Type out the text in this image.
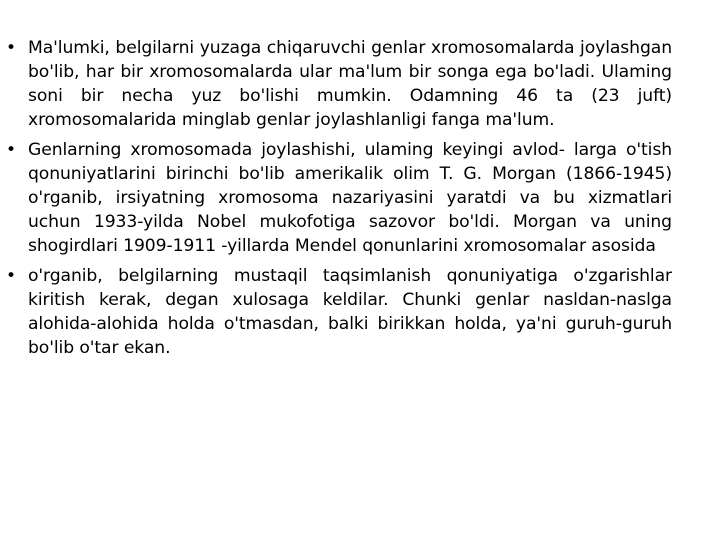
• Ma'lumki, belgilarni yuzaga chiqaruvchi genlar xromosomalarda joylashgan bo'lib, har bir xromosomalarda ular ma'lum bir songa ega bo'ladi. Ulaming soni bir necha yuz bo'lishi mumkin. Odamning 46 ta (23 juft) xromosomalarida minglab genlar joylashlanligi fanga ma'lum.
• Genlarning xromosomada joylashishi, ulaming keyingi avlod- larga o'tish qonuniyatlarini birinchi bo'lib amerikalik olim T. G. Morgan (1866-1945) o'rganib, irsiyatning xromosoma nazariyasini yaratdi va bu xizmatlari uchun 1933-yilda Nobel mukofotiga sazovor bo'ldi. Morgan va uning shogirdlari 1909-1911 -yillarda Mendel qonunlarini xromosomalar asosida
• o'rganib, belgilarning mustaqil taqsimlanish qonuniyatiga o'zgarishlar kiritish kerak, degan xulosaga keldilar. Chunki genlar nasldan-naslga alohida-alohida holda o'tmasdan, balki birikkan holda, ya'ni guruh-guruh bo'lib o'tar ekan.
